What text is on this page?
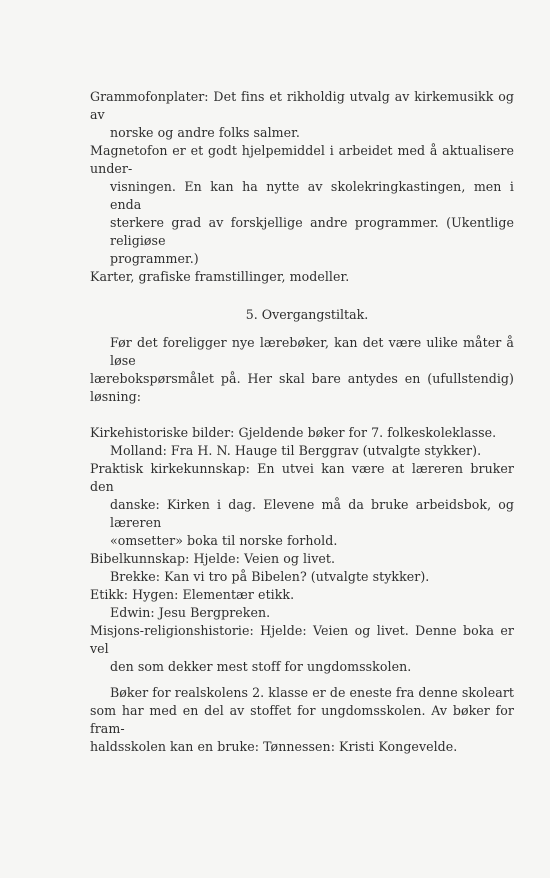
Grammofonplater: Det fins et rikholdig utvalg av kirkemusikk og av
norske og andre folks salmer.
Magnetofon er et godt hjelpemiddel i arbeidet med å aktualisere under-
visningen. En kan ha nytte av skolekringkastingen, men i enda
sterkere grad av forskjellige andre programmer. (Ukentlige religiøse
programmer.)
Karter, grafiske framstillinger, modeller.
5. Overgangstiltak.
Før det foreligger nye lærebøker, kan det være ulike måter å løse
lærebokspørsmålet på. Her skal bare antydes en (ufullstendig) løsning:
Kirkehistoriske bilder: Gjeldende bøker for 7. folkeskoleklasse.
Molland: Fra H. N. Hauge til Berggrav (utvalgte stykker).
Praktisk kirkekunnskap: En utvei kan være at læreren bruker den
danske: Kirken i dag. Elevene må da bruke arbeidsbok, og læreren
«omsetter» boka til norske forhold.
Bibelkunnskap: Hjelde: Veien og livet.
Brekke: Kan vi tro på Bibelen? (utvalgte stykker).
Etikk: Hygen: Elementær etikk.
Edwin: Jesu Bergpreken.
Misjons-religionshistorie: Hjelde: Veien og livet. Denne boka er vel
den som dekker mest stoff for ungdomsskolen.
Bøker for realskolens 2. klasse er de eneste fra denne skoleart
som har med en del av stoffet for ungdomsskolen. Av bøker for fram-
haldsskolen kan en bruke: Tønnessen: Kristi Kongevelde.
